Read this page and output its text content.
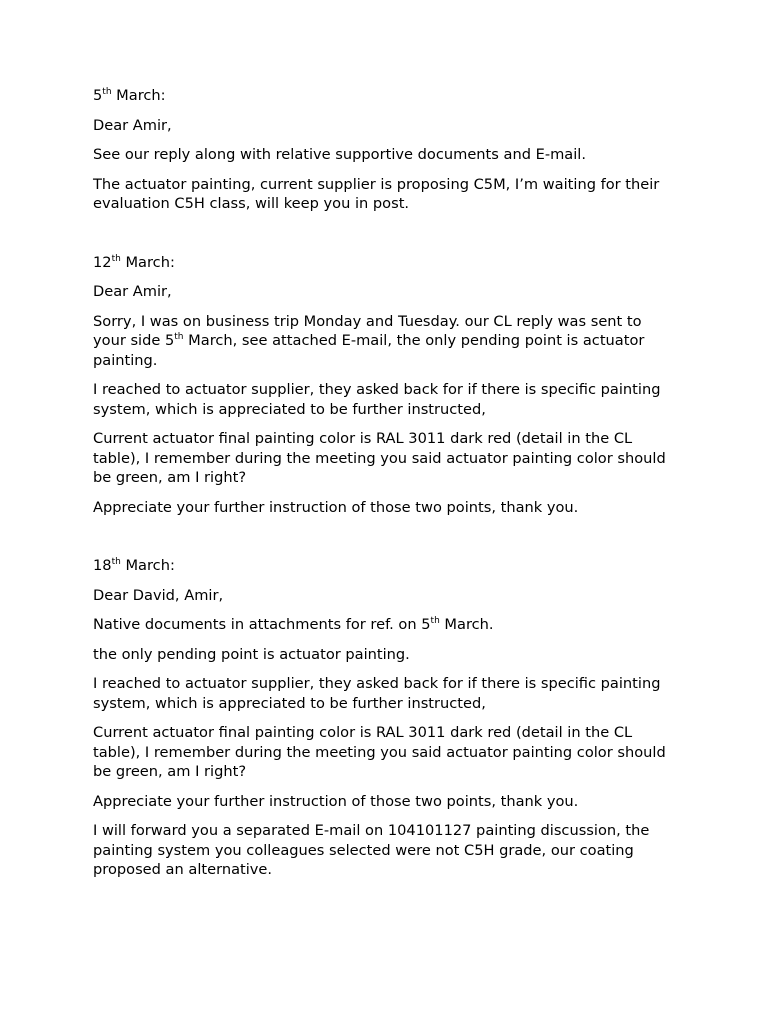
5th March:

Dear Amir,

See our reply along with relative supportive documents and E-mail.

The actuator painting, current supplier is proposing C5M, I’m waiting for their evaluation C5H class, will keep you in post.

12th March:

Dear Amir,

Sorry, I was on business trip Monday and Tuesday. our CL reply was sent to your side 5th March, see attached E-mail, the only pending point is actuator painting.

I reached to actuator supplier, they asked back for if there is specific painting system, which is appreciated to be further instructed,

Current actuator final painting color is RAL 3011 dark red (detail in the CL table), I remember during the meeting you said actuator painting color should be green, am I right?

Appreciate your further instruction of those two points, thank you.

18th March:

Dear David, Amir,

Native documents in attachments for ref. on 5th March.

the only pending point is actuator painting.

I reached to actuator supplier, they asked back for if there is specific painting system, which is appreciated to be further instructed,

Current actuator final painting color is RAL 3011 dark red (detail in the CL table), I remember during the meeting you said actuator painting color should be green, am I right?

Appreciate your further instruction of those two points, thank you.

I will forward you a separated E-mail on 104101127 painting discussion, the painting system you colleagues selected were not C5H grade, our coating proposed an alternative.
